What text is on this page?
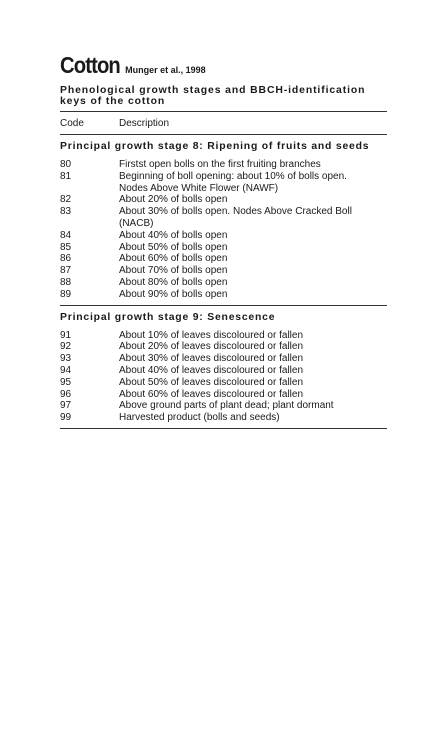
Cotton Munger et al., 1998
Phenological growth stages and BBCH-identification keys of the cotton
Code	Description
Principal growth stage 8: Ripening of fruits and seeds
80	Firstst open bolls on the first fruiting branches
81	Beginning of boll opening: about 10% of bolls open.
Nodes Above White Flower (NAWF)
82	About 20% of bolls open
83	About 30% of bolls open. Nodes Above Cracked Boll (NACB)
84	About 40% of bolls open
85	About 50% of bolls open
86	About 60% of bolls open
87	About 70% of bolls open
88	About 80% of bolls open
89	About 90% of bolls open
Principal growth stage 9: Senescence
91	About 10% of leaves discoloured or fallen
92	About 20% of leaves discoloured or fallen
93	About 30% of leaves discoloured or fallen
94	About 40% of leaves discoloured or fallen
95	About 50% of leaves discoloured or fallen
96	About 60% of leaves discoloured or fallen
97	Above ground parts of plant dead; plant dormant
99	Harvested product (bolls and seeds)
